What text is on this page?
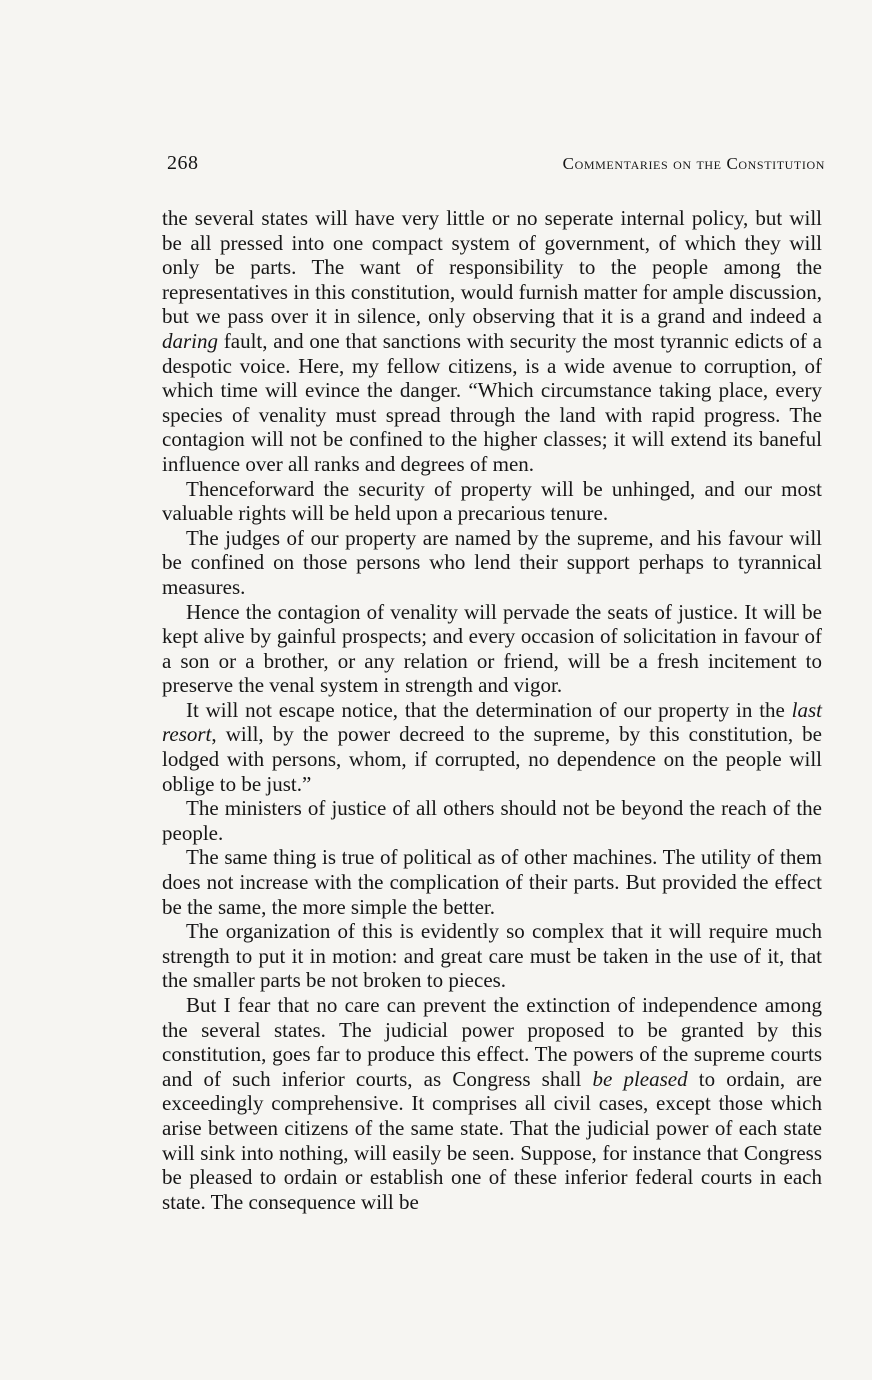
268	Commentaries on the Constitution

the several states will have very little or no seperate internal policy, but will be all pressed into one compact system of government, of which they will only be parts. The want of responsibility to the people among the representatives in this constitution, would furnish matter for ample discussion, but we pass over it in silence, only observing that it is a grand and indeed a daring fault, and one that sanctions with security the most tyrannic edicts of a despotic voice. Here, my fellow citizens, is a wide avenue to corruption, of which time will evince the danger. “Which circumstance taking place, every species of venality must spread through the land with rapid progress. The contagion will not be confined to the higher classes; it will extend its baneful influence over all ranks and degrees of men.

Thenceforward the security of property will be unhinged, and our most valuable rights will be held upon a precarious tenure.

The judges of our property are named by the supreme, and his favour will be confined on those persons who lend their support perhaps to tyrannical measures.

Hence the contagion of venality will pervade the seats of justice. It will be kept alive by gainful prospects; and every occasion of solicitation in favour of a son or a brother, or any relation or friend, will be a fresh incitement to preserve the venal system in strength and vigor.

It will not escape notice, that the determination of our property in the last resort, will, by the power decreed to the supreme, by this constitution, be lodged with persons, whom, if corrupted, no dependence on the people will oblige to be just.”

The ministers of justice of all others should not be beyond the reach of the people.

The same thing is true of political as of other machines. The utility of them does not increase with the complication of their parts. But provided the effect be the same, the more simple the better.

The organization of this is evidently so complex that it will require much strength to put it in motion: and great care must be taken in the use of it, that the smaller parts be not broken to pieces.

But I fear that no care can prevent the extinction of independence among the several states. The judicial power proposed to be granted by this constitution, goes far to produce this effect. The powers of the supreme courts and of such inferior courts, as Congress shall be pleased to ordain, are exceedingly comprehensive. It comprises all civil cases, except those which arise between citizens of the same state. That the judicial power of each state will sink into nothing, will easily be seen. Suppose, for instance that Congress be pleased to ordain or establish one of these inferior federal courts in each state. The consequence will be
